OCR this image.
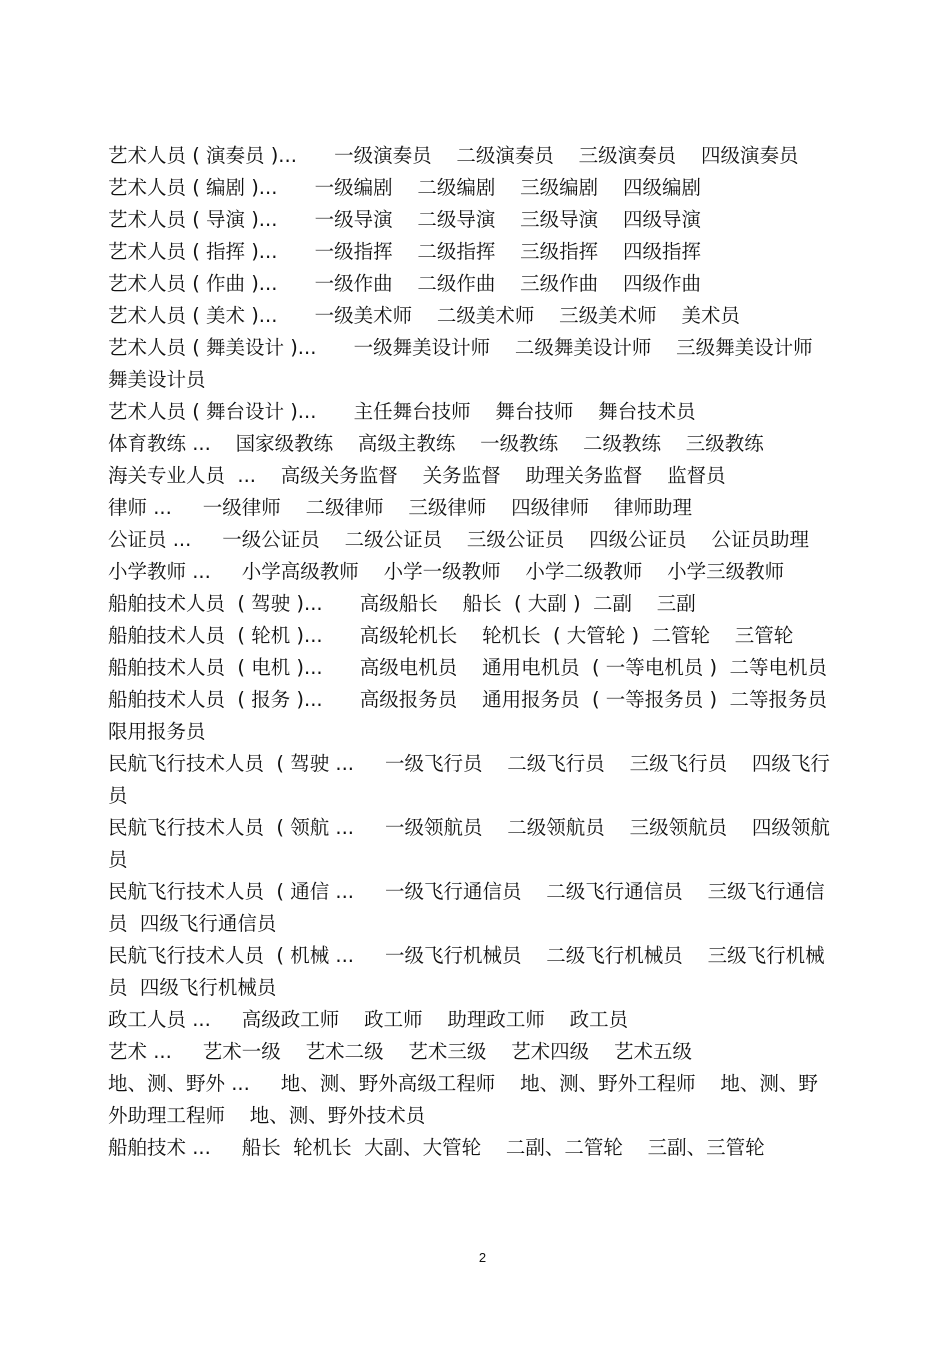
艺术人员 ( 演奏员 )...      一级演奏员    二级演奏员    三级演奏员    四级演奏员
艺术人员 ( 编剧 )...      一级编剧    二级编剧    三级编剧    四级编剧
艺术人员 ( 导演 )...      一级导演    二级导演    三级导演    四级导演
艺术人员 ( 指挥 )...      一级指挥    二级指挥    三级指挥    四级指挥
艺术人员 ( 作曲 )...      一级作曲    二级作曲    三级作曲    四级作曲
艺术人员 ( 美术 )...      一级美术师    二级美术师    三级美术师    美术员
艺术人员 ( 舞美设计 )...      一级舞美设计师    二级舞美设计师    三级舞美设计师
舞美设计员
艺术人员 ( 舞台设计 )...      主任舞台技师    舞台技师    舞台技术员
体育教练 ...    国家级教练    高级主教练    一级教练    二级教练    三级教练
海关专业人员  ...    高级关务监督    关务监督    助理关务监督    监督员
律师 ...     一级律师    二级律师    三级律师    四级律师    律师助理
公证员 ...     一级公证员    二级公证员    三级公证员    四级公证员    公证员助理
小学教师 ...     小学高级教师    小学一级教师    小学二级教师    小学三级教师
船舶技术人员  ( 驾驶 )...      高级船长    船长  ( 大副 )  二副    三副
船舶技术人员  ( 轮机 )...      高级轮机长    轮机长  ( 大管轮 )  二管轮    三管轮
船舶技术人员  ( 电机 )...      高级电机员    通用电机员  ( 一等电机员 )  二等电机员
船舶技术人员  ( 报务 )...      高级报务员    通用报务员  ( 一等报务员 )  二等报务员
限用报务员
民航飞行技术人员  ( 驾驶 ...     一级飞行员    二级飞行员    三级飞行员    四级飞行
员
民航飞行技术人员  ( 领航 ...     一级领航员    二级领航员    三级领航员    四级领航
员
民航飞行技术人员  ( 通信 ...     一级飞行通信员    二级飞行通信员    三级飞行通信
员  四级飞行通信员
民航飞行技术人员  ( 机械 ...     一级飞行机械员    二级飞行机械员    三级飞行机械
员  四级飞行机械员
政工人员 ...     高级政工师    政工师    助理政工师    政工员
艺术 ...     艺术一级    艺术二级    艺术三级    艺术四级    艺术五级
地、测、野外 ...     地、测、野外高级工程师    地、测、野外工程师    地、测、野
外助理工程师    地、测、野外技术员
船舶技术 ...     船长  轮机长  大副、大管轮    二副、二管轮    三副、三管轮
2
